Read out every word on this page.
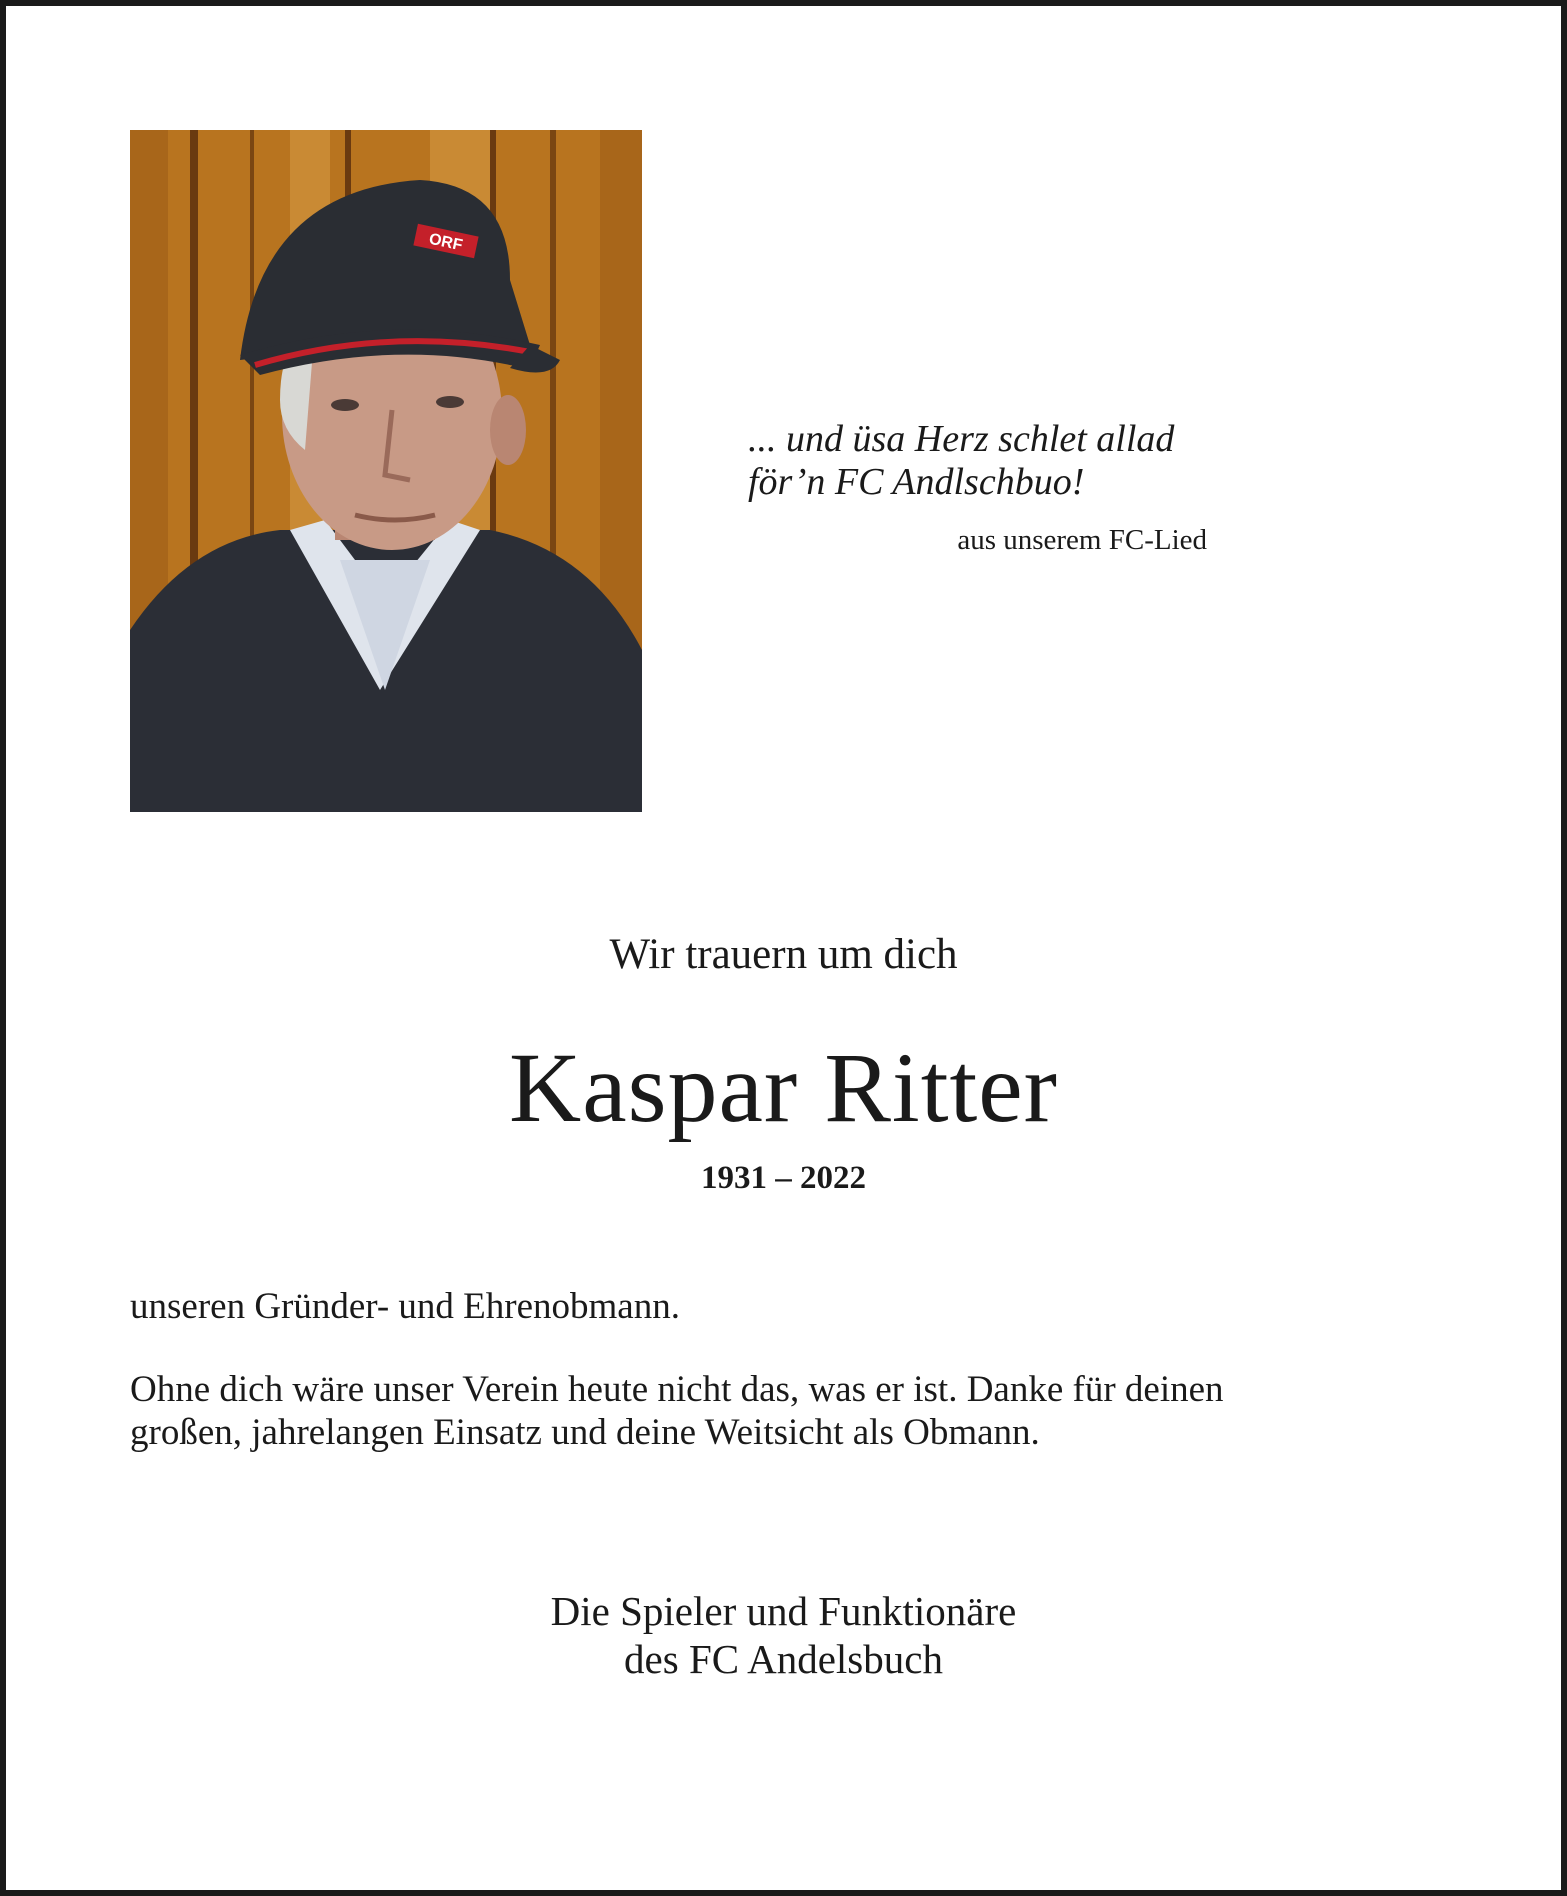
ORF
... und üsa Herz schlet allad
för’n FC Andlschbuo!
aus unserem FC-Lied
Wir trauern um dich
Kaspar Ritter
1931 – 2022
unseren Gründer- und Ehrenobmann.
Ohne dich wäre unser Verein heute nicht das, was er ist. Danke für deinen
großen, jahrelangen Einsatz und deine Weitsicht als Obmann.
Die Spieler und Funktionäre
des FC Andelsbuch
